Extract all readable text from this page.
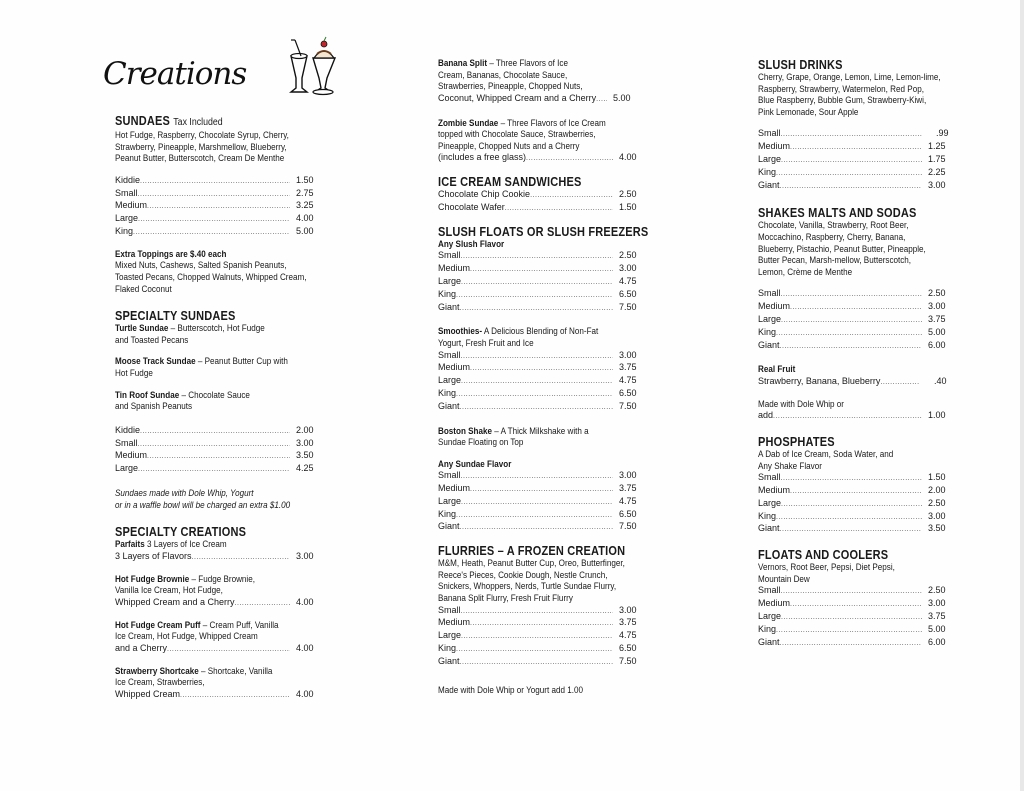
Creations
SUNDAES Tax Included
Hot Fudge, Raspberry, Chocolate Syrup, Cherry,
Strawberry, Pineapple, Marshmellow, Blueberry,
Peanut Butter, Butterscotch, Cream De Menthe
Kiddie .....	1.50
Small .....	2.75
Medium .....	3.25
Large .....	4.00
King .....	5.00
Extra Toppings are $.40 each
Mixed Nuts, Cashews, Salted Spanish Peanuts,
Toasted Pecans, Chopped Walnuts, Whipped Cream,
Flaked Coconut
SPECIALTY SUNDAES
Turtle Sundae – Butterscotch, Hot Fudge
and Toasted Pecans
Moose Track Sundae – Peanut Butter Cup with
Hot Fudge
Tin Roof Sundae – Chocolate Sauce
and Spanish Peanuts
Kiddie .....	2.00
Small .....	3.00
Medium .....	3.50
Large .....	4.25
Sundaes made with Dole Whip, Yogurt
or in a waffle bowl will be charged an extra $1.00
SPECIALTY CREATIONS
Parfaits 3 Layers of Ice Cream
3 Layers of Flavors .....	3.00
Hot Fudge Brownie – Fudge Brownie,
Vanilla Ice Cream, Hot Fudge,
Whipped Cream and a Cherry .....	4.00
Hot Fudge Cream Puff – Cream Puff, Vanilla
Ice Cream, Hot Fudge, Whipped Cream
and a Cherry .....	4.00
Strawberry Shortcake – Shortcake, Vanilla
Ice Cream, Strawberries,
Whipped Cream .....	4.00
Banana Split – Three Flavors of Ice
Cream, Bananas, Chocolate Sauce,
Strawberries, Pineapple, Chopped Nuts,
Coconut, Whipped Cream and a Cherry .....	5.00
Zombie Sundae – Three Flavors of Ice Cream
topped with Chocolate Sauce, Strawberries,
Pineapple, Chopped Nuts and a Cherry
(includes a free glass) .....	4.00
ICE CREAM SANDWICHES
Chocolate Chip Cookie .....	2.50
Chocolate Wafer .....	1.50
SLUSH FLOATS OR SLUSH FREEZERS
Any Slush Flavor
Small .....	2.50
Medium .....	3.00
Large .....	4.75
King .....	6.50
Giant .....	7.50
Smoothies- A Delicious Blending of Non-Fat
Yogurt, Fresh Fruit and Ice
Small .....	3.00
Medium .....	3.75
Large .....	4.75
King .....	6.50
Giant .....	7.50
Boston Shake – A Thick Milkshake with a
Sundae Floating on Top
Any Sundae Flavor
Small .....	3.00
Medium .....	3.75
Large .....	4.75
King .....	6.50
Giant .....	7.50
FLURRIES – A FROZEN CREATION
M&M, Heath, Peanut Butter Cup, Oreo, Butterfinger,
Reece's Pieces, Cookie Dough, Nestle Crunch,
Snickers, Whoppers, Nerds, Turtle Sundae Flurry,
Banana Split Flurry, Fresh Fruit Flurry
Small .....	3.00
Medium .....	3.75
Large .....	4.75
King .....	6.50
Giant .....	7.50
Made with Dole Whip or Yogurt add 1.00
SLUSH DRINKS
Cherry, Grape, Orange, Lemon, Lime, Lemon-lime,
Raspberry, Strawberry, Watermelon, Red Pop,
Blue Raspberry, Bubble Gum, Strawberry-Kiwi,
Pink Lemonade, Sour Apple
Small .....	.99
Medium .....	1.25
Large .....	1.75
King .....	2.25
Giant .....	3.00
SHAKES MALTS AND SODAS
Chocolate, Vanilla, Strawberry, Root Beer,
Moccachino, Raspberry, Cherry, Banana,
Blueberry, Pistachio, Peanut Butter, Pineapple,
Butter Pecan, Marsh-mellow, Butterscotch,
Lemon, Crème de Menthe
Small .....	2.50
Medium .....	3.00
Large .....	3.75
King .....	5.00
Giant .....	6.00
Real Fruit
Strawberry, Banana, Blueberry .....	.40
Made with Dole Whip or
add .....	1.00
PHOSPHATES
A Dab of Ice Cream, Soda Water, and
Any Shake Flavor
Small .....	1.50
Medium .....	2.00
Large .....	2.50
King .....	3.00
Giant .....	3.50
FLOATS AND COOLERS
Vernors, Root Beer, Pepsi, Diet Pepsi,
Mountain Dew
Small .....	2.50
Medium .....	3.00
Large .....	3.75
King .....	5.00
Giant .....	6.00
